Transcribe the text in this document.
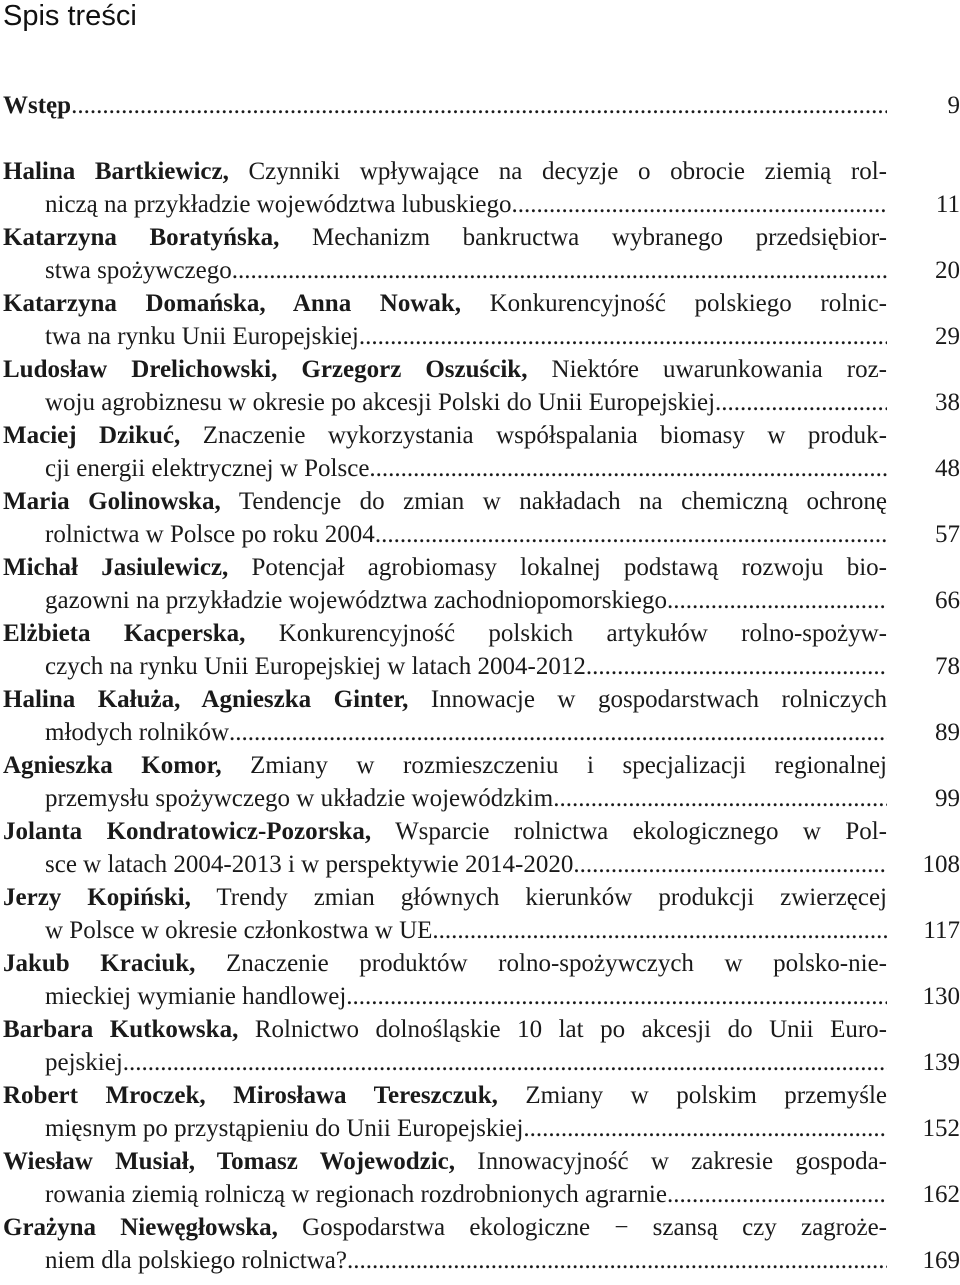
Spis treści
Wstęp .....	9
Halina Bartkiewicz, Czynniki wpływające na decyzje o obrocie ziemią rol-
niczą na przykładzie województwa lubuskiego. .....	11
Katarzyna Boratyńska, Mechanizm bankructwa wybranego przedsiębior-
stwa spożywczego .....	20
Katarzyna Domańska, Anna Nowak, Konkurencyjność polskiego rolnic-
twa na rynku Unii Europejskiej .....	29
Ludosław Drelichowski, Grzegorz Oszuścik, Niektóre uwarunkowania roz-
woju agrobiznesu w okresie po akcesji Polski do Unii Europejskiej .....	38
Maciej Dzikuć, Znaczenie wykorzystania współspalania biomasy w produk-
cji energii elektrycznej w Polsce .....	48
Maria Golinowska, Tendencje do zmian w nakładach na chemiczną ochronę
rolnictwa w Polsce po roku 2004 .....	57
Michał Jasiulewicz, Potencjał agrobiomasy lokalnej podstawą rozwoju bio-
gazowni na przykładzie województwa zachodniopomorskiego .....	66
Elżbieta Kacperska, Konkurencyjność polskich artykułów rolno-spożyw-
czych na rynku Unii Europejskiej w latach 2004-2012 .....	78
Halina Kałuża, Agnieszka Ginter, Innowacje w gospodarstwach rolniczych
młodych rolników .....	89
Agnieszka Komor, Zmiany w rozmieszczeniu i specjalizacji regionalnej
przemysłu spożywczego w układzie wojewódzkim .....	99
Jolanta Kondratowicz-Pozorska, Wsparcie rolnictwa ekologicznego w Pol-
sce w latach 2004-2013 i w perspektywie 2014-2020 .....	108
Jerzy Kopiński, Trendy zmian głównych kierunków produkcji zwierzęcej
w Polsce w okresie członkostwa w UE .....	117
Jakub Kraciuk, Znaczenie produktów rolno-spożywczych w polsko-nie-
mieckiej wymianie handlowej .....	130
Barbara Kutkowska, Rolnictwo dolnośląskie 10 lat po akcesji do Unii Euro-
pejskiej .....	139
Robert Mroczek, Mirosława Tereszczuk, Zmiany w polskim przemyśle
mięsnym po przystąpieniu do Unii Europejskiej .....	152
Wiesław Musiał, Tomasz Wojewodzic, Innowacyjność w zakresie gospoda-
rowania ziemią rolniczą w regionach rozdrobnionych agrarnie .....	162
Grażyna Niewęgłowska, Gospodarstwa ekologiczne − szansą czy zagroże-
niem dla polskiego rolnictwa? .....	169
